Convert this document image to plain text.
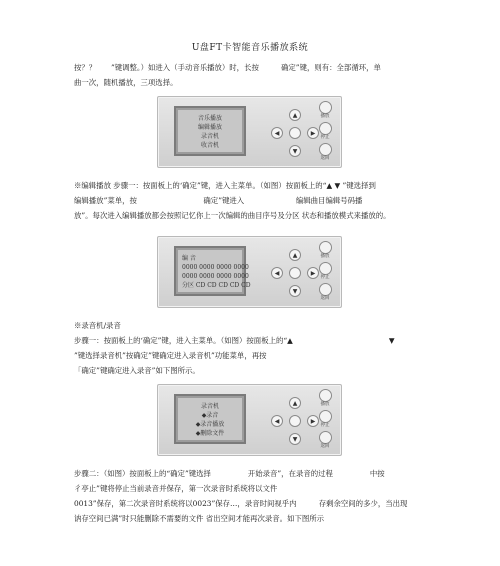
U盘FT卡智能音乐播放系统
按？？　　”键调整。）如进入（手动音乐播放）时，长按　　　确定”键，则有：全部循环，单
曲一次，随机播放，三项选择。
音乐播放
编辑播放
录音机
收音机
▲
▼
◀	▶
播放
停止
返回
※编辑播放 步骤一：按面板上的‘确定”键，进入主菜单。（如图）按面板上的“▲ ▼ ”键选择到
编辑播放”菜单，按　　　　　　　　　确定”键进入　　　　　　　编辑曲目编辑号码播
放”。每次进入编辑播放都会按照记忆你上一次编辑的曲目序号及分区 状态和播放模式来播放的。
编 音
0000 0000 0000 0000
0000 0000 0000 0000
分区 CD CD CD CD CD
▲
▼
◀	▶
播放
停止
返回
※录音机/录音
步骤一：按面板上的‘确定”键，进入主菜单。（如图）按面板上的“▲　　　　　　　　　　　　　▼
”键选择录音机”按确定”键确定进入录音机”功能菜单，再按
「确定”键确定进入录音”如下图所示。
录音机
◆录音
◆录音播放
◆删除文件
▲
▼
◀	▶
播放
停止
返回
步骤二：（如图）按面板上的“确定”键选择　　　　　开始录音”，在录音的过程　　　　　中按
彳亭止”键将停止当前录音并保存，第一次录音时系统将以文件
0013”保存，第二次录音时系统将以0023”保存…，录音时间视乎内　　　存剩余空间的多少，当出现
讷存空间已满”时只能删除不需要的文件 省出空间才能再次录音。如下图所示
